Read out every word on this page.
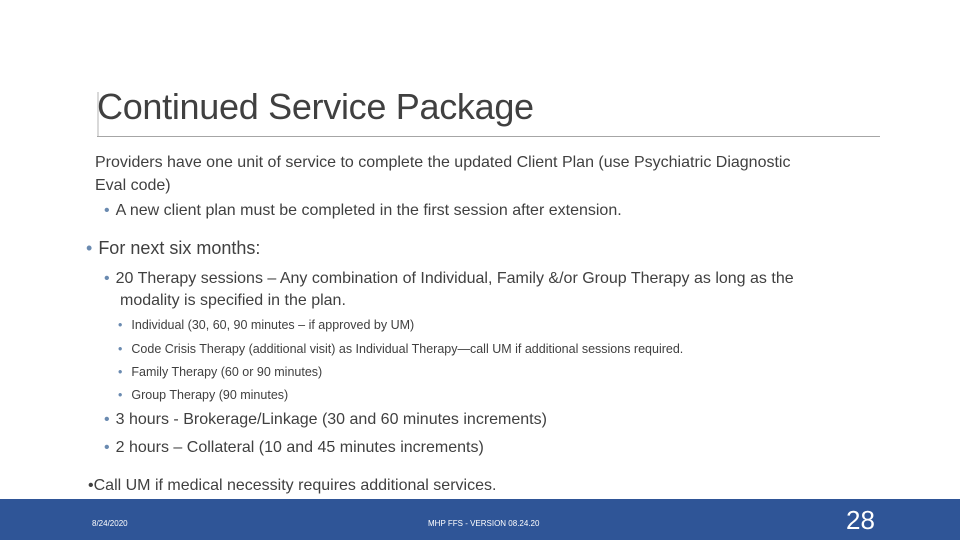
Continued Service Package
Providers have one unit of service to complete the updated Client Plan (use Psychiatric Diagnostic
Eval code)
• A new client plan must be completed in the first session after extension.
• For next six months:
• 20 Therapy sessions – Any combination of Individual, Family &/or Group Therapy as long as the
modality is specified in the plan.
• Individual (30, 60, 90 minutes – if approved by UM)
• Code Crisis Therapy (additional visit) as Individual Therapy—call UM if additional sessions required.
• Family Therapy (60 or 90 minutes)
• Group Therapy (90 minutes)
• 3 hours - Brokerage/Linkage (30 and 60 minutes increments)
• 2 hours – Collateral (10 and 45 minutes increments)
•Call UM if medical necessity requires additional services.
8/24/2020	MHP FFS - VERSION 08.24.20	28
